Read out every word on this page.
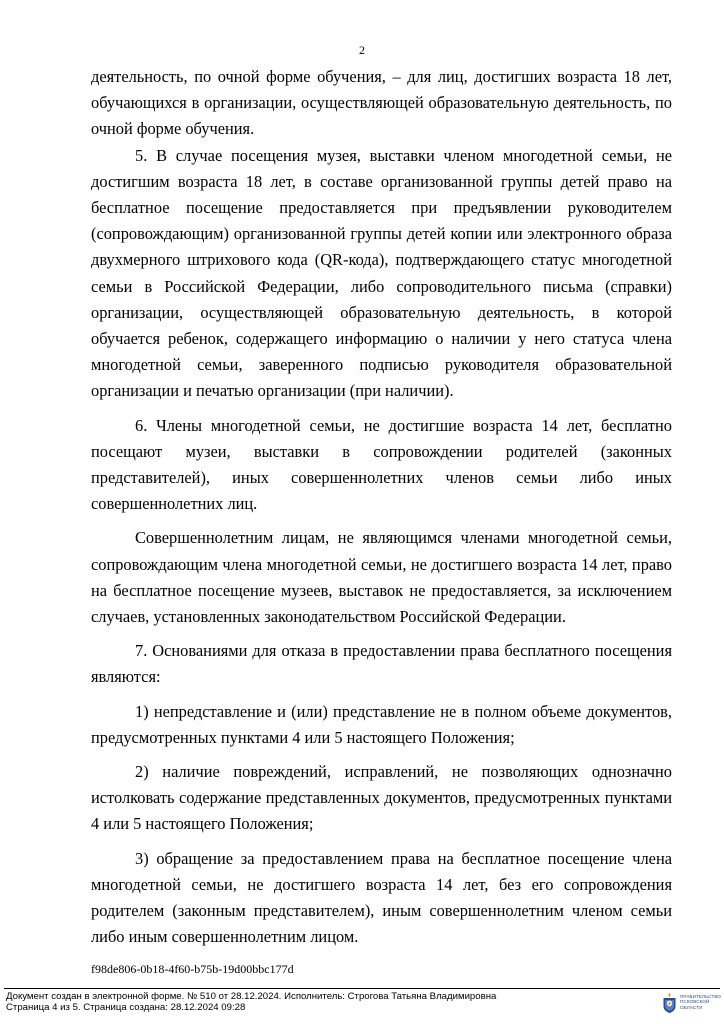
2

деятельность, по очной форме обучения, – для лиц, достигших возраста 18 лет, обучающихся в организации, осуществляющей образовательную деятельность, по очной форме обучения.

5. В случае посещения музея, выставки членом многодетной семьи, не достигшим возраста 18 лет, в составе организованной группы детей право на бесплатное посещение предоставляется при предъявлении руководителем (сопровождающим) организованной группы детей копии или электронного образа двухмерного штрихового кода (QR-кода), подтверждающего статус многодетной семьи в Российской Федерации, либо сопроводительного письма (справки) организации, осуществляющей образовательную деятельность, в которой обучается ребенок, содержащего информацию о наличии у него статуса члена многодетной семьи, заверенного подписью руководителя образовательной организации и печатью организации (при наличии).

6. Члены многодетной семьи, не достигшие возраста 14 лет, бесплатно посещают музеи, выставки в сопровождении родителей (законных представителей), иных совершеннолетних членов семьи либо иных совершеннолетних лиц.

Совершеннолетним лицам, не являющимся членами многодетной семьи, сопровождающим члена многодетной семьи, не достигшего возраста 14 лет, право на бесплатное посещение музеев, выставок не предоставляется, за исключением случаев, установленных законодательством Российской Федерации.

7. Основаниями для отказа в предоставлении права бесплатного посещения являются:

1) непредставление и (или) представление не в полном объеме документов, предусмотренных пунктами 4 или 5 настоящего Положения;

2) наличие повреждений, исправлений, не позволяющих однозначно истолковать содержание представленных документов, предусмотренных пунктами 4 или 5 настоящего Положения;

3) обращение за предоставлением права на бесплатное посещение члена многодетной семьи, не достигшего возраста 14 лет, без его сопровождения родителем (законным представителем), иным совершеннолетним членом семьи либо иным совершеннолетним лицом.

f98de806-0b18-4f60-b75b-19d00bbc177d
Документ создан в электронной форме. № 510 от 28.12.2024. Исполнитель: Строгова Татьяна Владимировна
Страница 4 из 5. Страница создана: 28.12.2024 09:28
ПРАВИТЕЛЬСТВО
ПСКОВСКОЙ
ОБЛАСТИ
